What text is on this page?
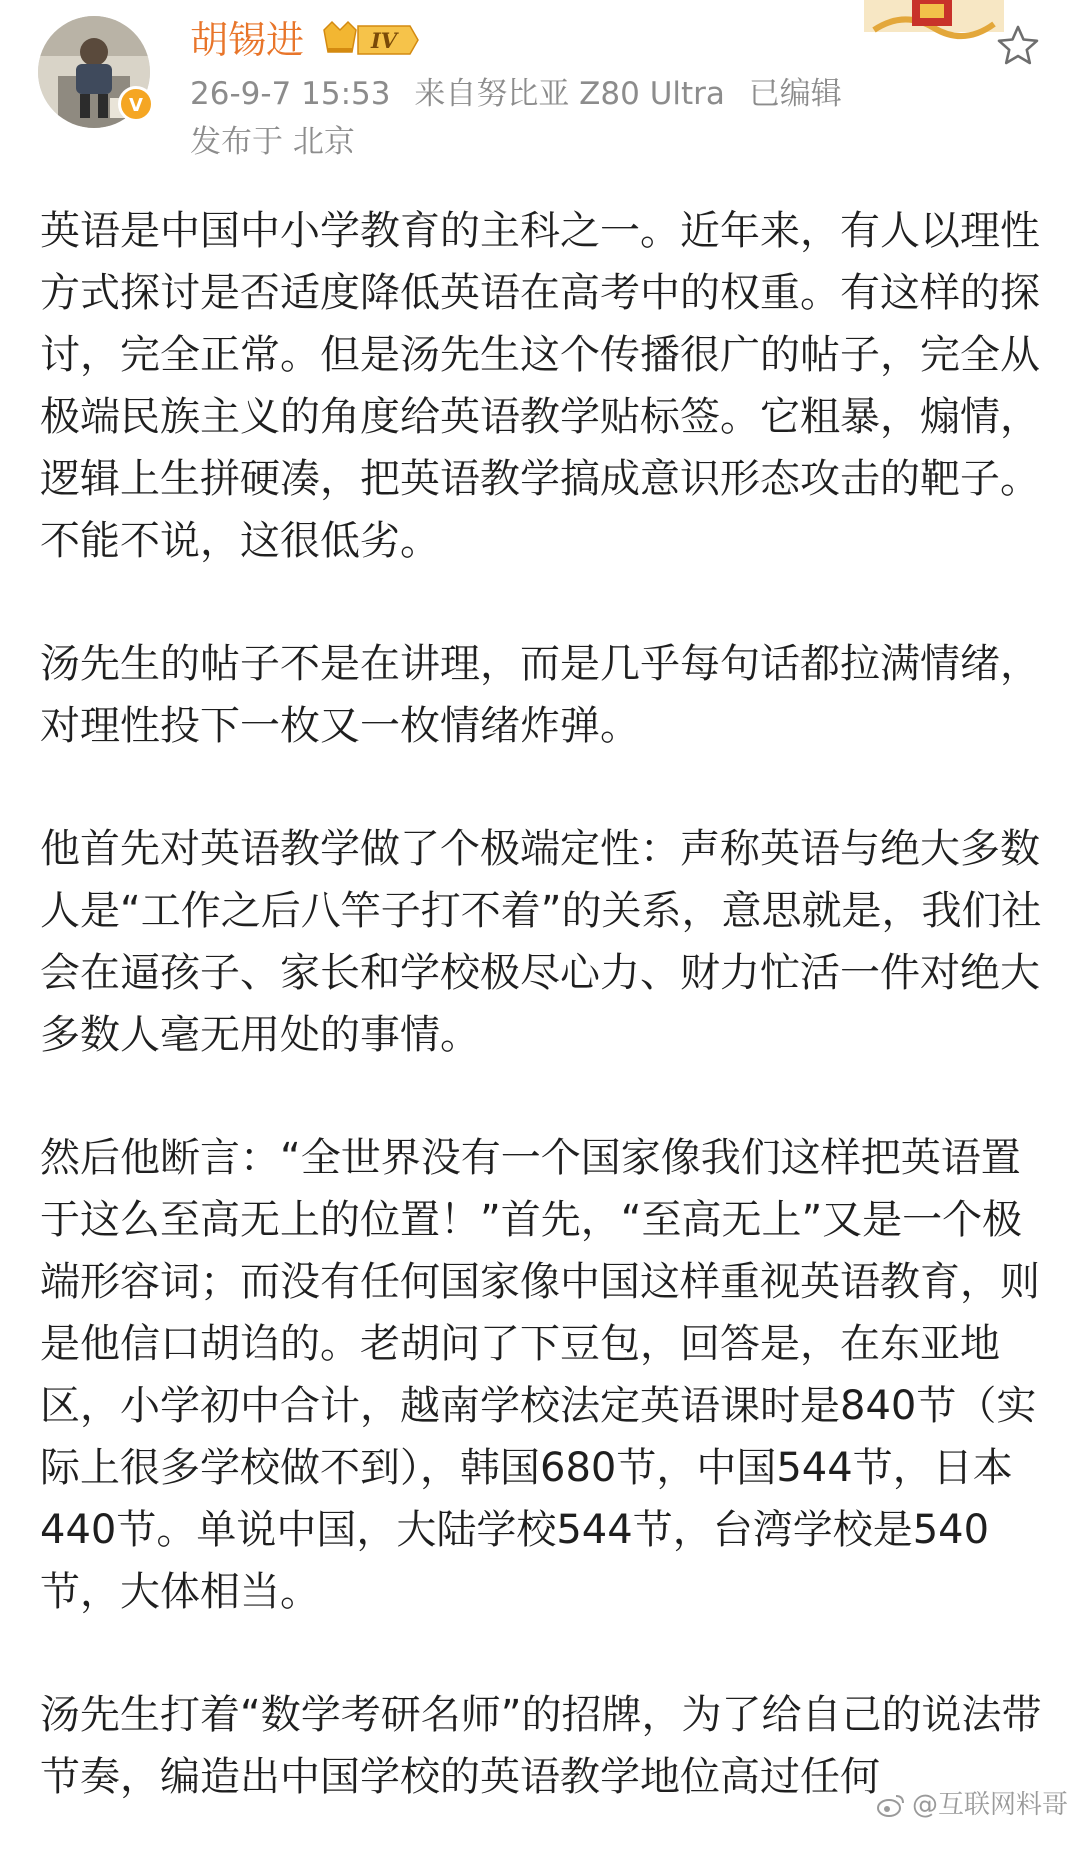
V
胡锡进	IV
26-9-7 15:53 来自努比亚 Z80 Ultra 已编辑
发布于 北京

英语是中国中小学教育的主科之一。近年来，有人以理性方式探讨是否适度降低英语在高考中的权重。有这样的探讨，完全正常。但是汤先生这个传播很广的帖子，完全从极端民族主义的角度给英语教学贴标签。它粗暴，煽情，逻辑上生拼硬凑，把英语教学搞成意识形态攻击的靶子。不能不说，这很低劣。

汤先生的帖子不是在讲理，而是几乎每句话都拉满情绪，对理性投下一枚又一枚情绪炸弹。

他首先对英语教学做了个极端定性：声称英语与绝大多数人是“工作之后八竿子打不着”的关系，意思就是，我们社会在逼孩子、家长和学校极尽心力、财力忙活一件对绝大多数人毫无用处的事情。

然后他断言：“全世界没有一个国家像我们这样把英语置于这么至高无上的位置！”首先，“至高无上”又是一个极端形容词；而没有任何国家像中国这样重视英语教育，则是他信口胡诌的。老胡问了下豆包，回答是，在东亚地区，小学初中合计，越南学校法定英语课时是840节（实际上很多学校做不到），韩国680节，中国544节，日本440节。单说中国，大陆学校544节，台湾学校是540节，大体相当。

汤先生打着“数学考研名师”的招牌，为了给自己的说法带节奏，编造出中国学校的英语教学地位高过任何

@互联网料哥
